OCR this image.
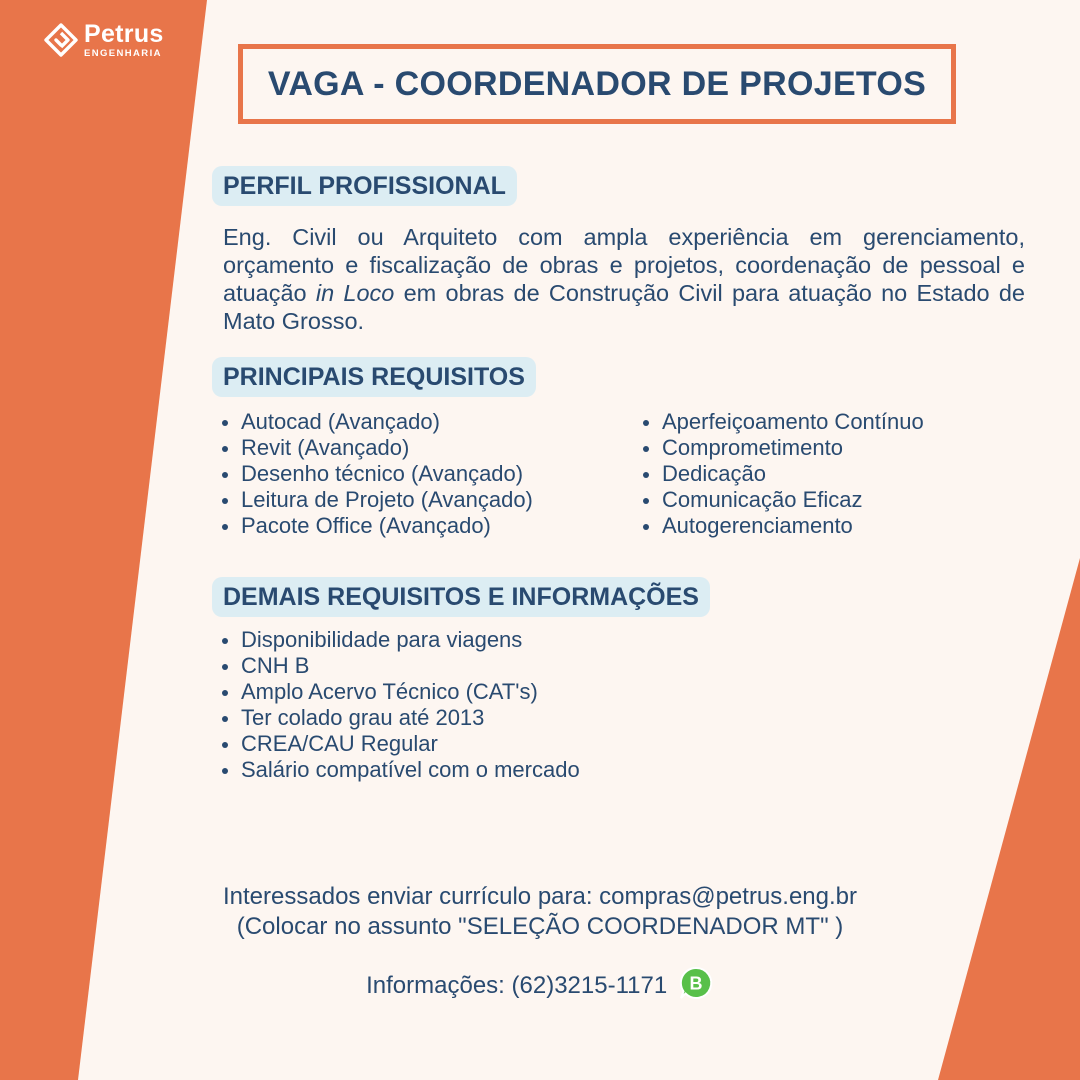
Petrus
ENGENHARIA
VAGA - COORDENADOR DE PROJETOS
PERFIL PROFISSIONAL

Eng. Civil ou Arquiteto com ampla experiência em gerenciamento, orçamento e fiscalização de obras e projetos, coordenação de pessoal e atuação in Loco em obras de Construção Civil para atuação no Estado de Mato Grosso.

PRINCIPAIS REQUISITOS
Autocad (Avançado)
Revit (Avançado)
Desenho técnico (Avançado)
Leitura de Projeto (Avançado)
Pacote Office (Avançado)
Aperfeiçoamento Contínuo
Comprometimento
Dedicação
Comunicação Eficaz
Autogerenciamento
DEMAIS REQUISITOS E INFORMAÇÕES
Disponibilidade para viagens
CNH B
Amplo Acervo Técnico (CAT's)
Ter colado grau até 2013
CREA/CAU Regular
Salário compatível com o mercado

Interessados enviar currículo para: compras@petrus.eng.br

(Colocar no assunto "SELEÇÃO COORDENADOR MT" )

Informações: (62)3215-1171 B
